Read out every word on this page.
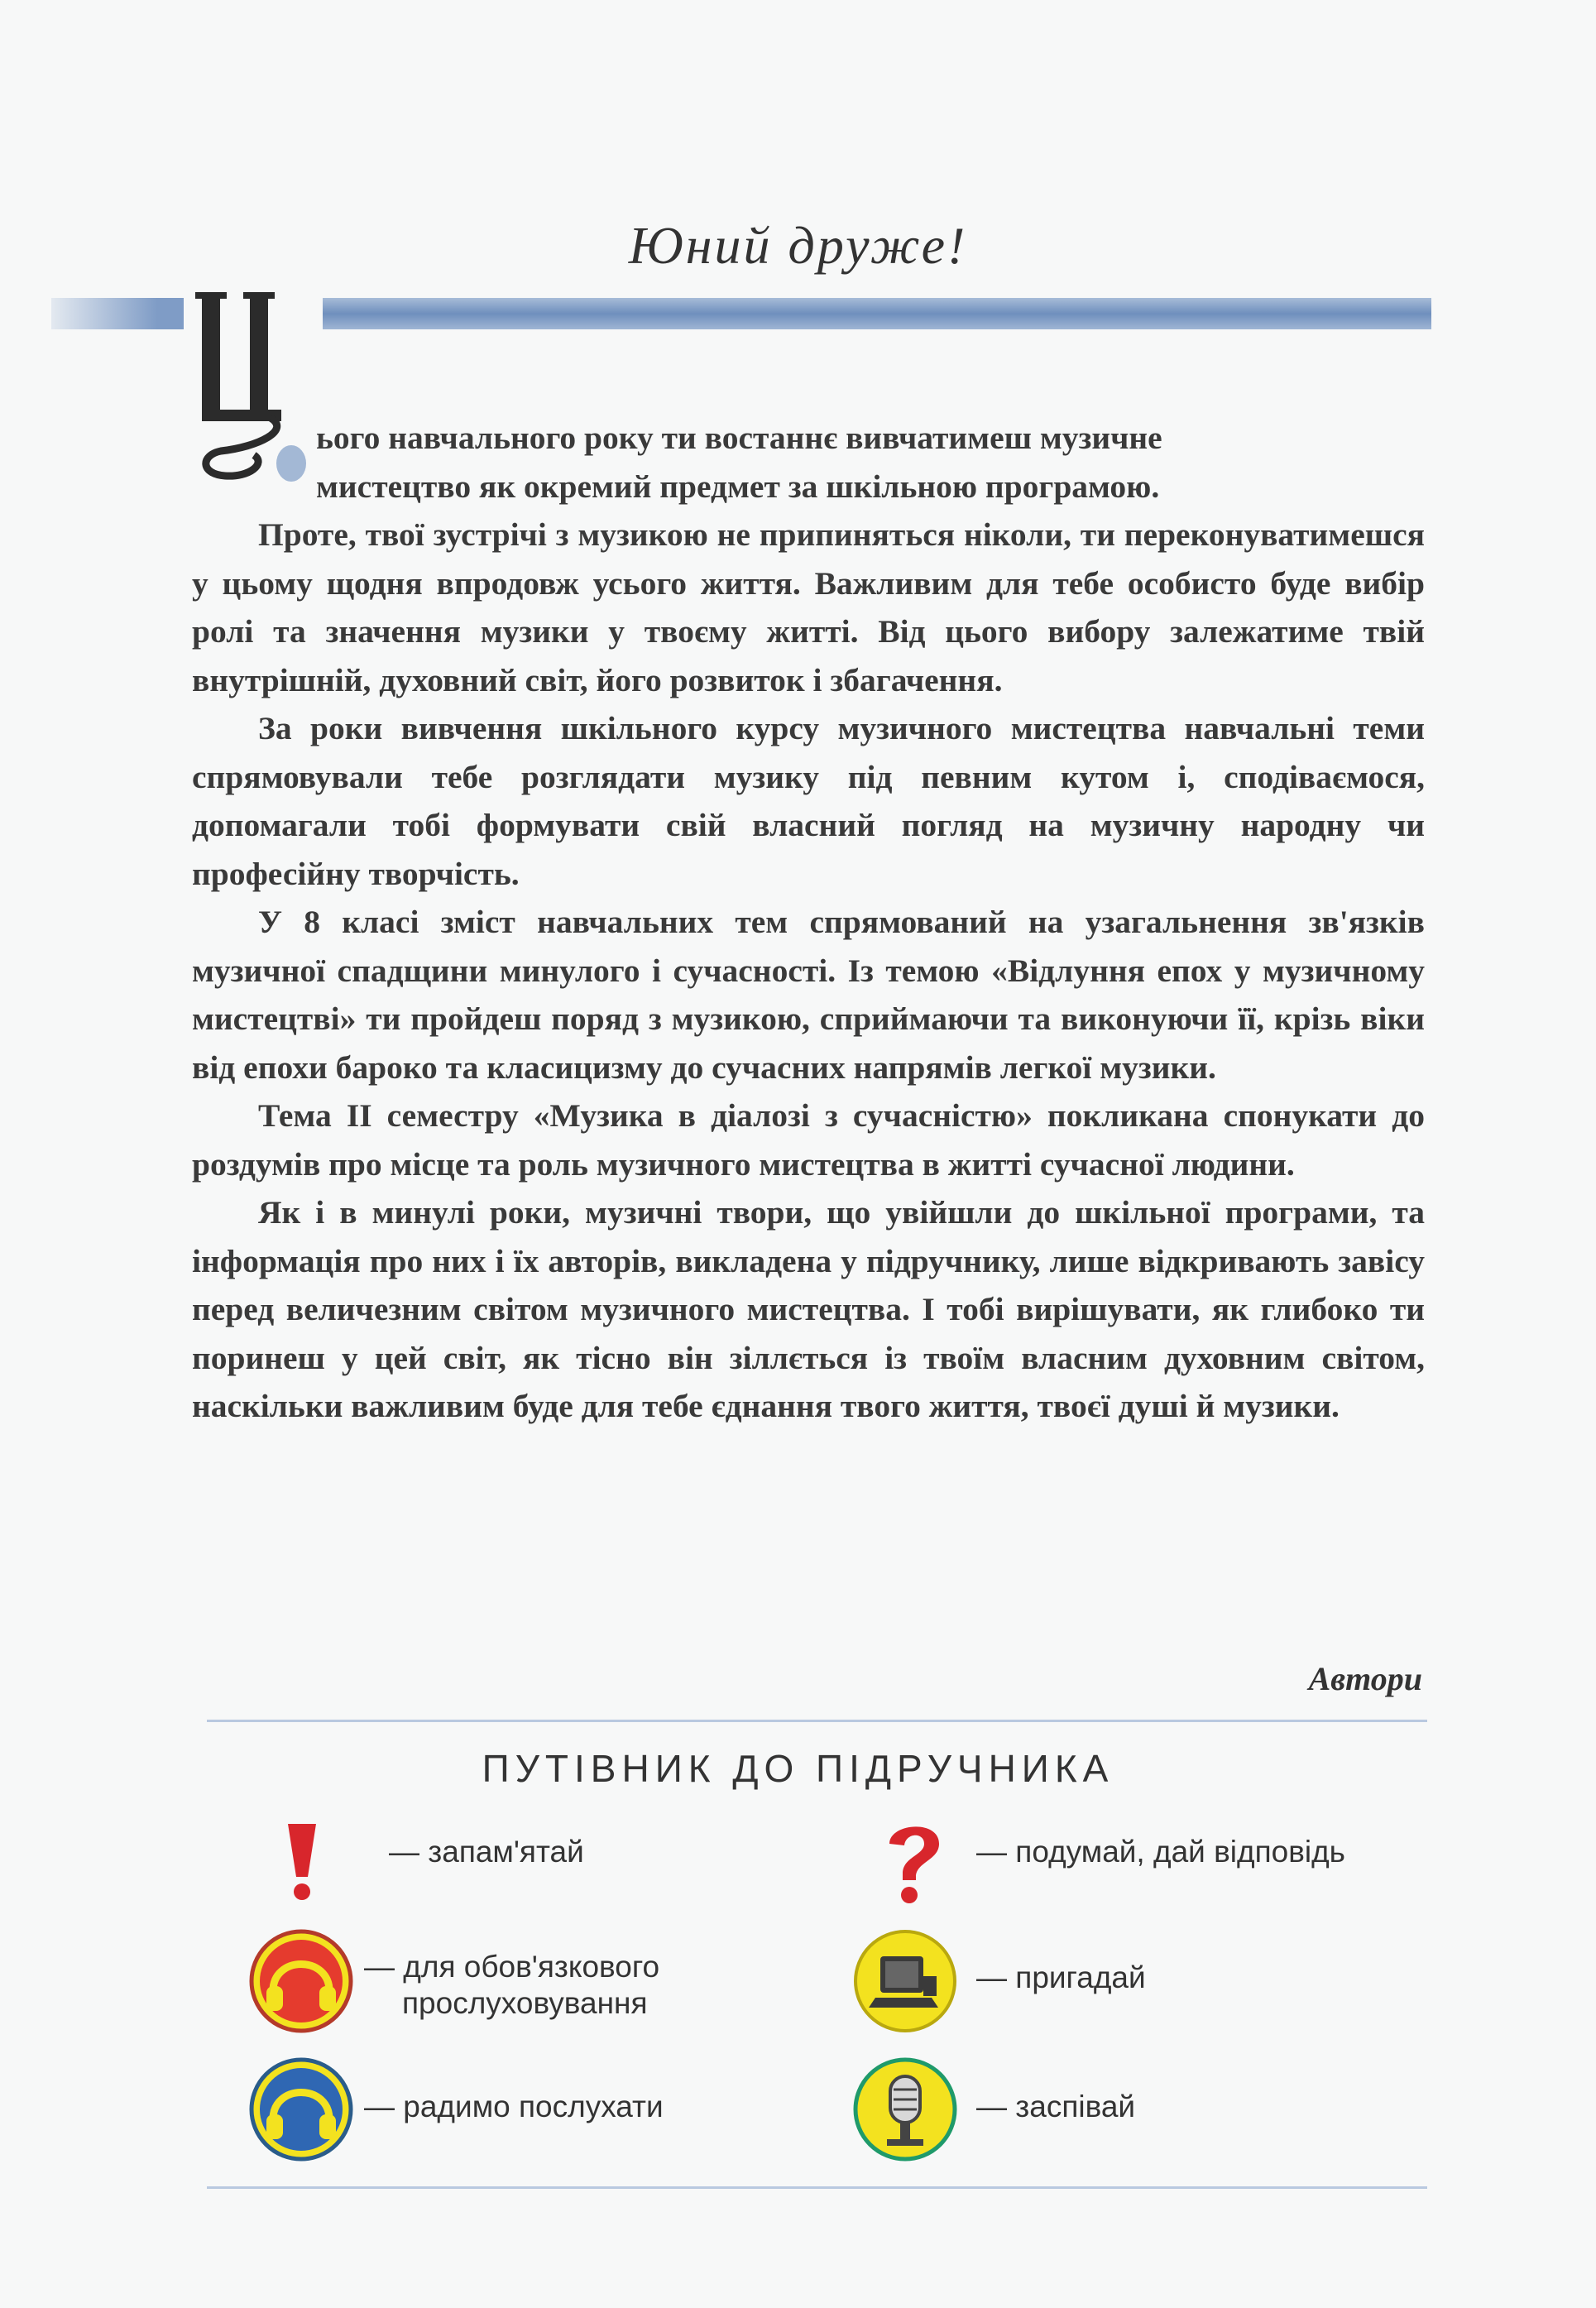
Юний друже!

ього навчального року ти востаннє вивчатимеш музичне
мистецтво як окремий предмет за шкільною програмою.

Проте, твої зустрічі з музикою не припиняться ніколи, ти переконуватимешся у цьому щодня впродовж усього життя. Важливим для тебе особисто буде вибір ролі та значення музики у твоєму житті. Від цього вибору залежатиме твій внутрішній, духовний світ, його розвиток і збагачення.

За роки вивчення шкільного курсу музичного мистецтва навчальні теми спрямовували тебе розглядати музику під певним кутом і, сподіваємося, допомагали тобі формувати свій власний погляд на музичну народну чи професійну творчість.

У 8 класі зміст навчальних тем спрямований на узагальнення зв'язків музичної спадщини минулого і сучасності. Із темою «Відлуння епох у музичному мистецтві» ти пройдеш поряд з музикою, сприймаючи та виконуючи її, крізь віки від епохи бароко та класицизму до сучасних напрямів легкої музики.

Тема II семестру «Музика в діалозі з сучасністю» покликана спонукати до роздумів про місце та роль музичного мистецтва в житті сучасної людини.

Як і в минулі роки, музичні твори, що увійшли до шкільної програми, та інформація про них і їх авторів, викладена у підручнику, лише відкривають завісу перед величезним світом музичного мистецтва. І тобі вирішувати, як глибоко ти поринеш у цей світ, як тісно він зіллється із твоїм власним духовним світом, наскільки важливим буде для тебе єднання твого життя, твоєї душі й музики.

Автори
ПУТІВНИК ДО ПІДРУЧНИКА
— запам'ятай	— подумай, дай відповідь
— для обов'язкового
прослуховування
— пригадай
— радимо послухати	— заспівай
